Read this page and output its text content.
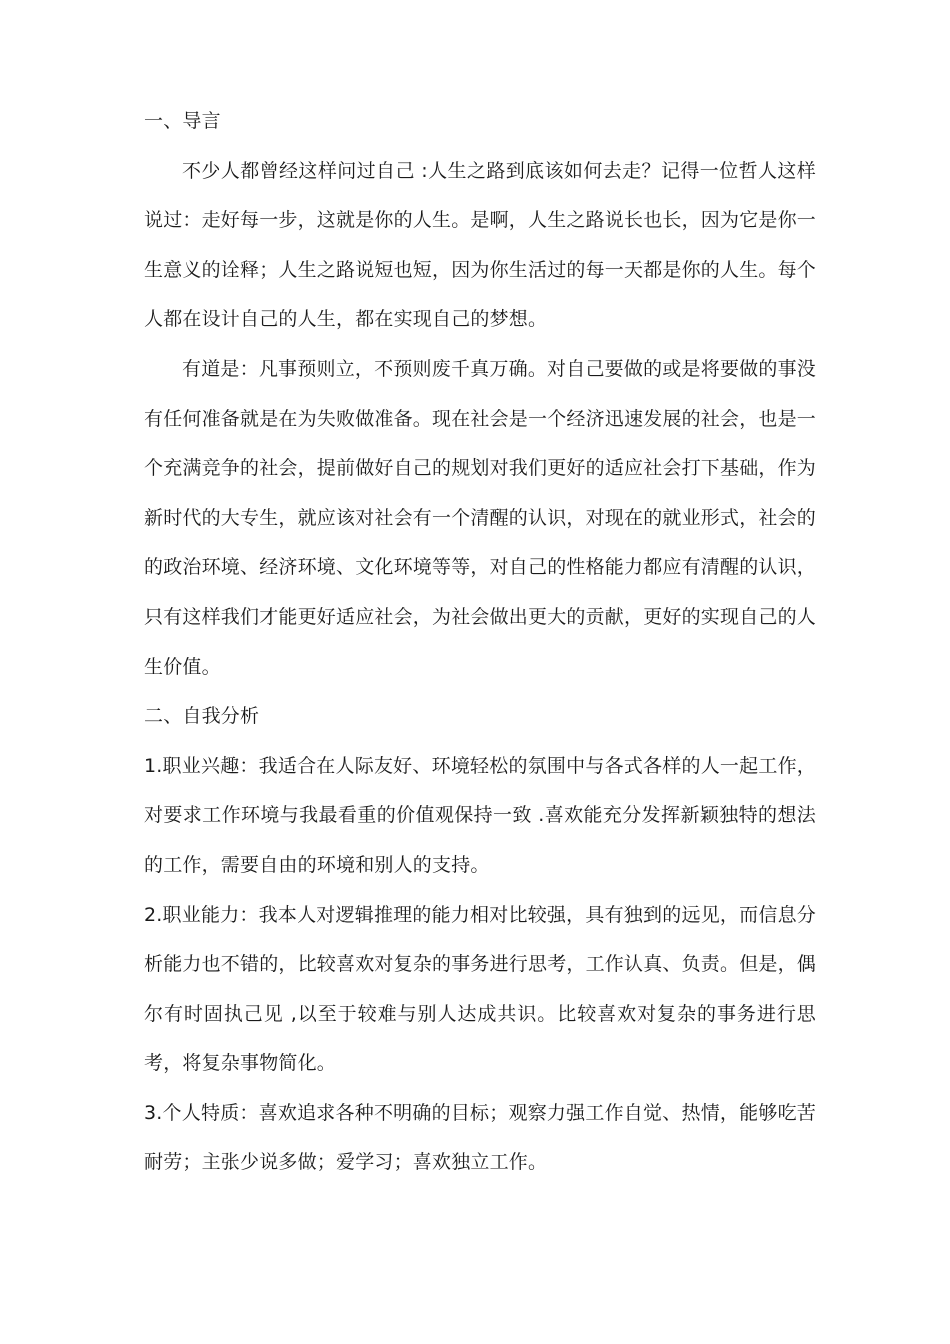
一、导言

不少人都曾经这样问过自己 :人生之路到底该如何去走？记得一位哲人这样说过：走好每一步，这就是你的人生。是啊，人生之路说长也长，因为它是你一生意义的诠释；人生之路说短也短，因为你生活过的每一天都是你的人生。每个人都在设计自己的人生，都在实现自己的梦想。

有道是：凡事预则立，不预则废千真万确。对自己要做的或是将要做的事没有任何准备就是在为失败做准备。现在社会是一个经济迅速发展的社会，也是一个充满竞争的社会，提前做好自己的规划对我们更好的适应社会打下基础，作为新时代的大专生，就应该对社会有一个清醒的认识，对现在的就业形式，社会的的政治环境、经济环境、文化环境等等，对自己的性格能力都应有清醒的认识，只有这样我们才能更好适应社会，为社会做出更大的贡献，更好的实现自己的人生价值。

二、自我分析

1.职业兴趣：我适合在人际友好、环境轻松的氛围中与各式各样的人一起工作，对要求工作环境与我最看重的价值观保持一致 .喜欢能充分发挥新颖独特的想法的工作，需要自由的环境和别人的支持。

2.职业能力：我本人对逻辑推理的能力相对比较强，具有独到的远见，而信息分析能力也不错的，比较喜欢对复杂的事务进行思考，工作认真、负责。但是，偶尔有时固执己见 ,以至于较难与别人达成共识。比较喜欢对复杂的事务进行思考，将复杂事物简化。

3.个人特质：喜欢追求各种不明确的目标；观察力强工作自觉、热情，能够吃苦耐劳；主张少说多做；爱学习；喜欢独立工作。
